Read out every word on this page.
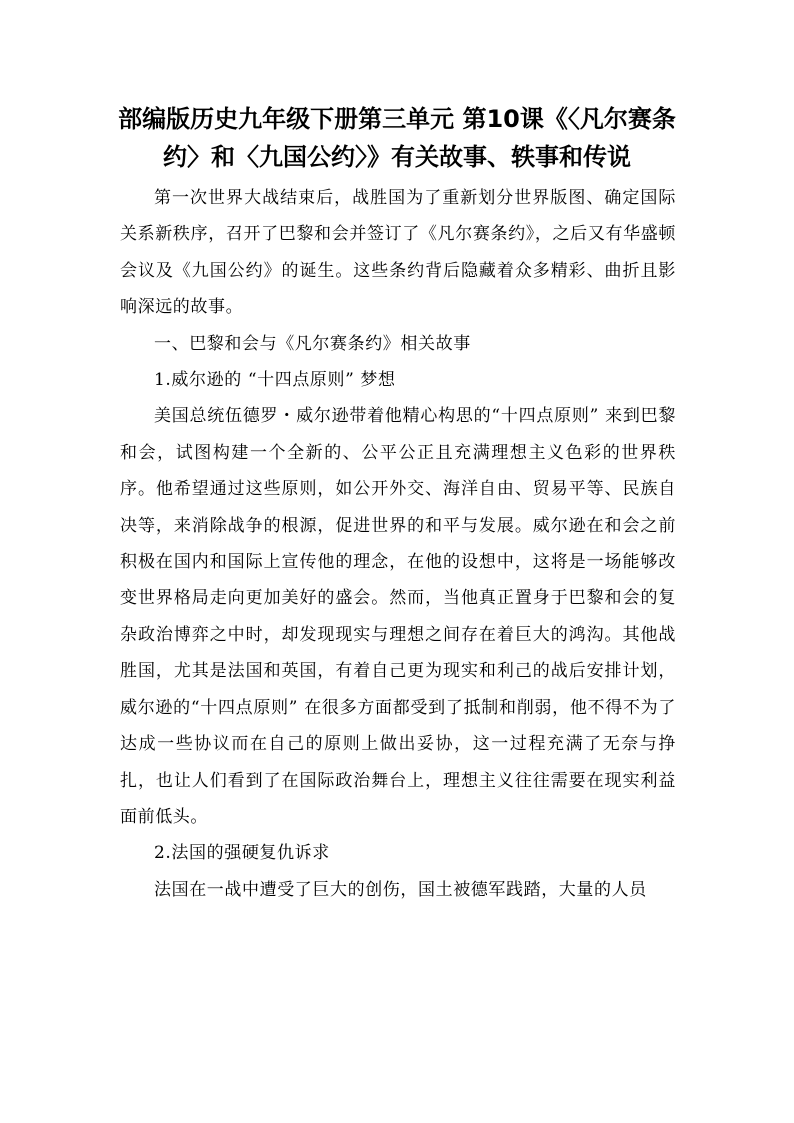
部编版历史九年级下册第三单元 第10课《〈凡尔赛条约〉和〈九国公约〉》有关故事、轶事和传说

第一次世界大战结束后，战胜国为了重新划分世界版图、确定国际关系新秩序，召开了巴黎和会并签订了《凡尔赛条约》，之后又有华盛顿会议及《九国公约》的诞生。这些条约背后隐藏着众多精彩、曲折且影响深远的故事。

一、巴黎和会与《凡尔赛条约》相关故事

1.威尔逊的 “十四点原则” 梦想

美国总统伍德罗・威尔逊带着他精心构思的“十四点原则” 来到巴黎和会，试图构建一个全新的、公平公正且充满理想主义色彩的世界秩序。他希望通过这些原则，如公开外交、海洋自由、贸易平等、民族自决等，来消除战争的根源，促进世界的和平与发展。威尔逊在和会之前积极在国内和国际上宣传他的理念，在他的设想中，这将是一场能够改变世界格局走向更加美好的盛会。然而，当他真正置身于巴黎和会的复杂政治博弈之中时，却发现现实与理想之间存在着巨大的鸿沟。其他战胜国，尤其是法国和英国，有着自己更为现实和利己的战后安排计划，威尔逊的“十四点原则” 在很多方面都受到了抵制和削弱，他不得不为了达成一些协议而在自己的原则上做出妥协，这一过程充满了无奈与挣扎，也让人们看到了在国际政治舞台上，理想主义往往需要在现实利益面前低头。

2.法国的强硬复仇诉求

法国在一战中遭受了巨大的创伤，国土被德军践踏，大量的人员
